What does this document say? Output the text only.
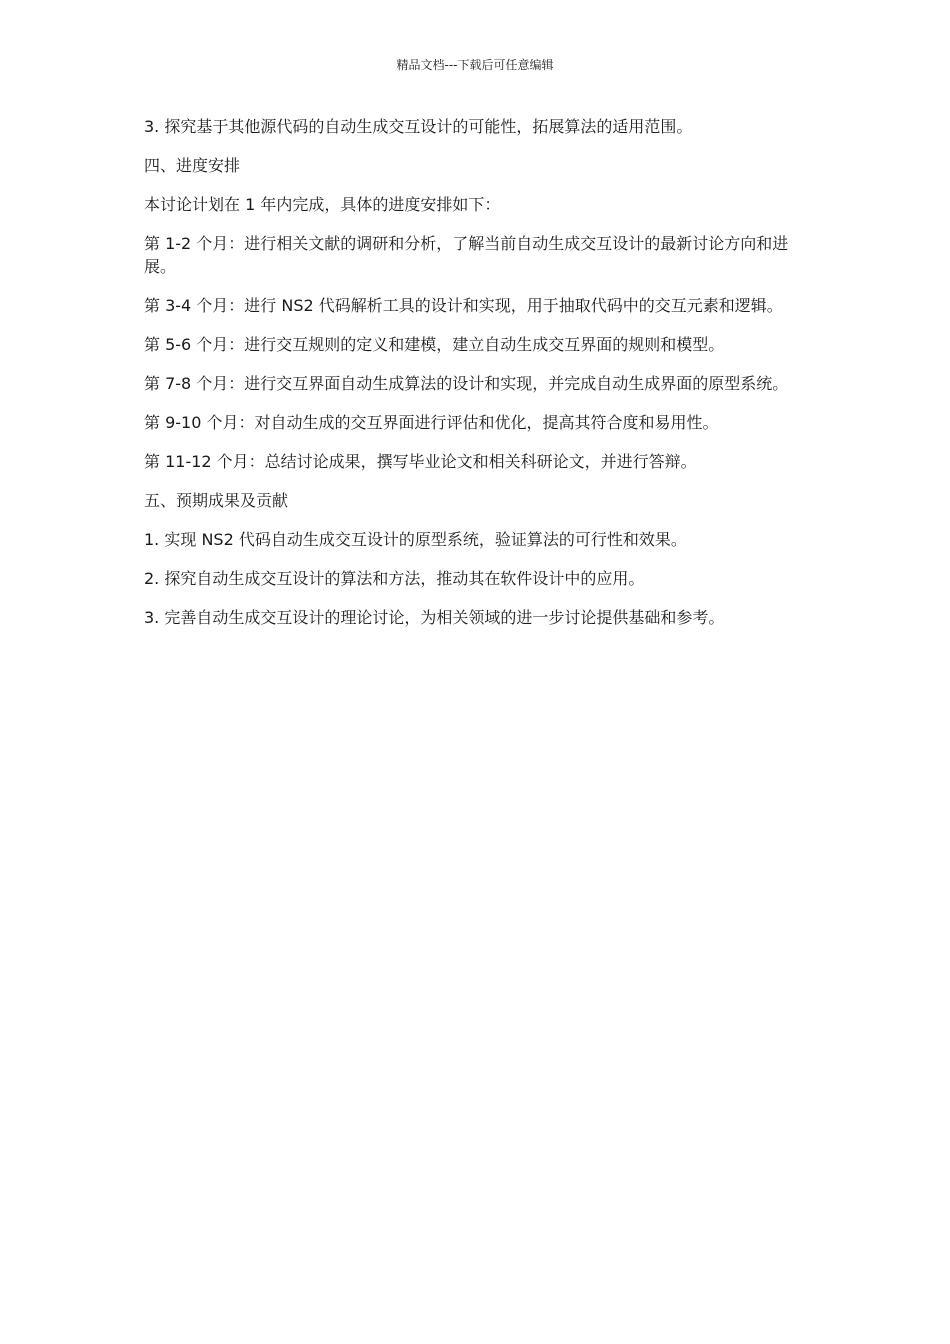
精品文档---下载后可任意编辑

3. 探究基于其他源代码的自动生成交互设计的可能性，拓展算法的适用范围。

四、进度安排

本讨论计划在 1 年内完成，具体的进度安排如下：

第 1-2 个月：进行相关文献的调研和分析，了解当前自动生成交互设计的最新讨论方向和进展。

第 3-4 个月：进行 NS2 代码解析工具的设计和实现，用于抽取代码中的交互元素和逻辑。

第 5-6 个月：进行交互规则的定义和建模，建立自动生成交互界面的规则和模型。

第 7-8 个月：进行交互界面自动生成算法的设计和实现，并完成自动生成界面的原型系统。

第 9-10 个月：对自动生成的交互界面进行评估和优化，提高其符合度和易用性。

第 11-12 个月：总结讨论成果，撰写毕业论文和相关科研论文，并进行答辩。

五、预期成果及贡献

1. 实现 NS2 代码自动生成交互设计的原型系统，验证算法的可行性和效果。

2. 探究自动生成交互设计的算法和方法，推动其在软件设计中的应用。

3. 完善自动生成交互设计的理论讨论，为相关领域的进一步讨论提供基础和参考。
